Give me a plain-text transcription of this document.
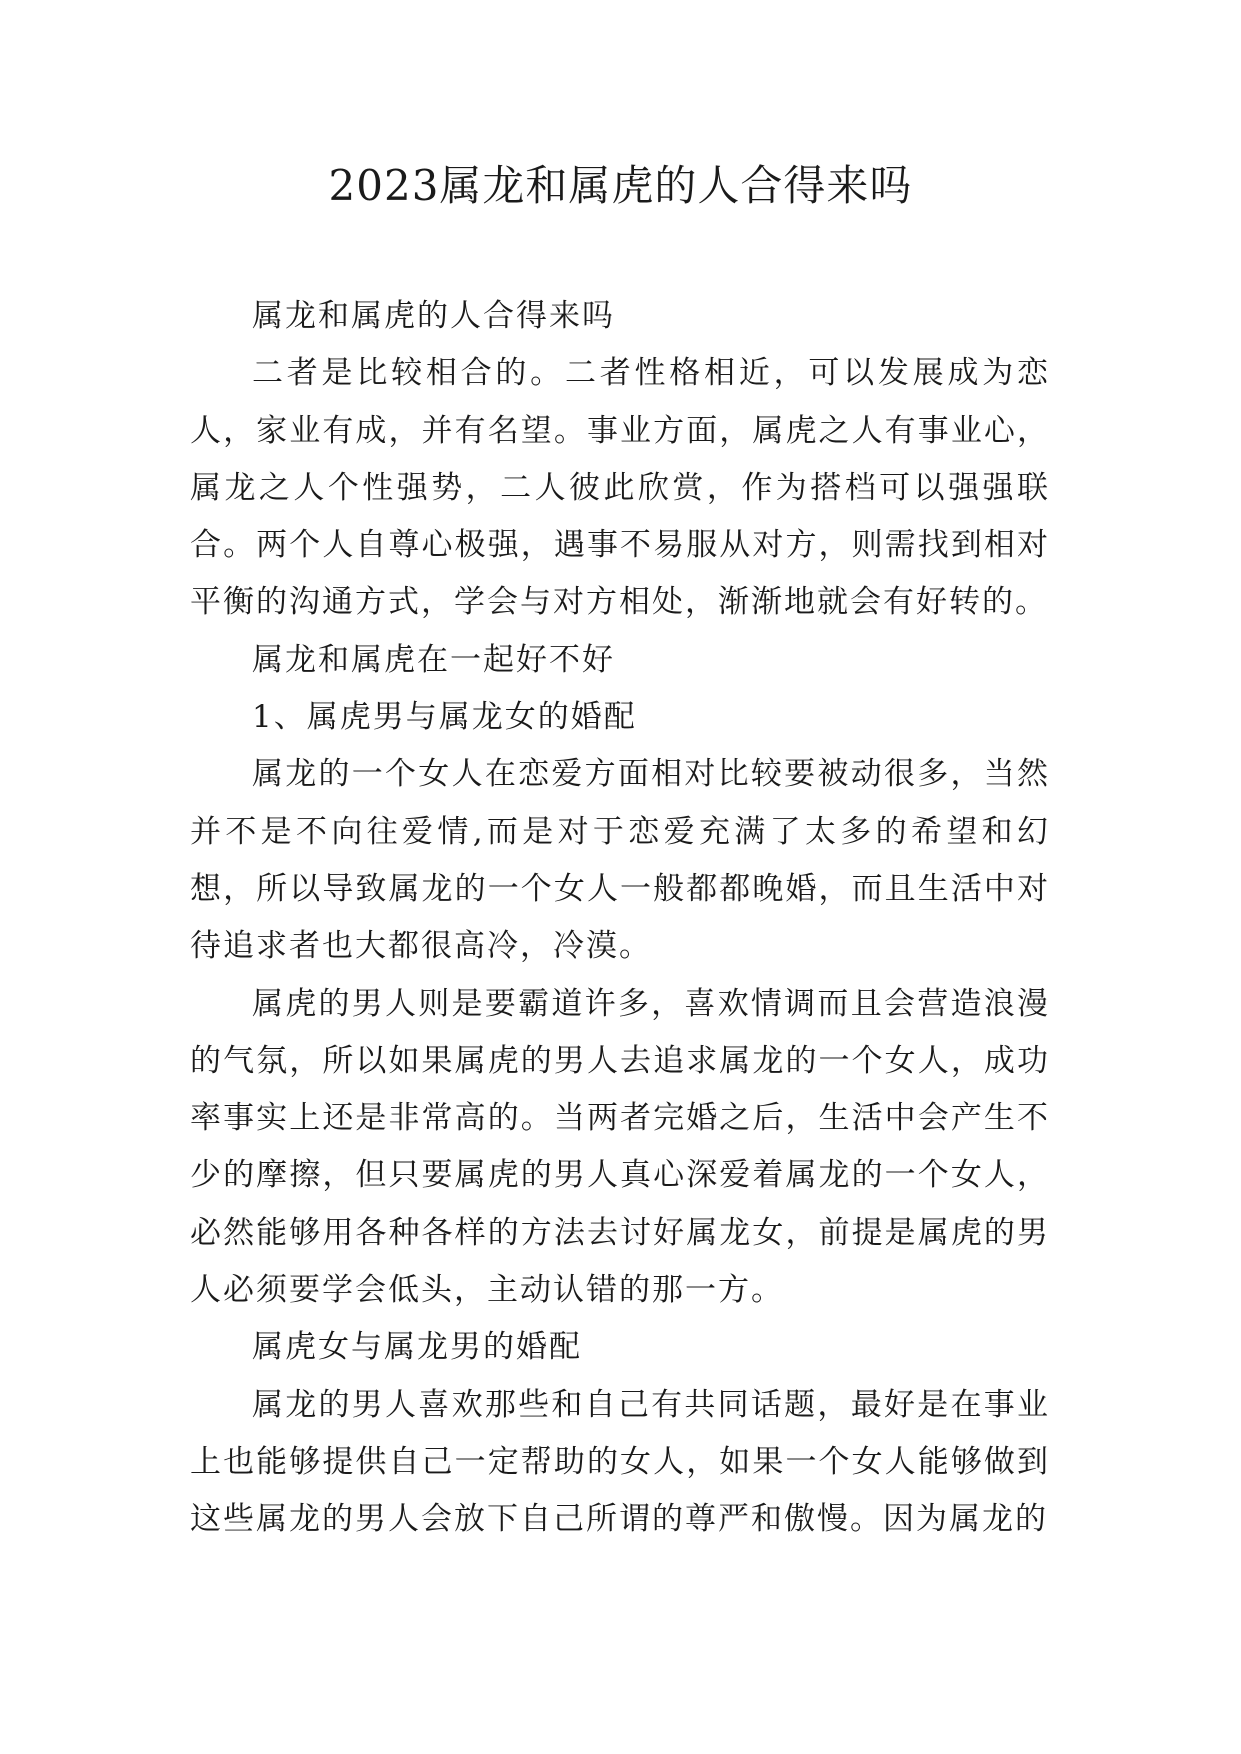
2023属龙和属虎的人合得来吗

属龙和属虎的人合得来吗

二者是比较相合的。二者性格相近，可以发展成为恋人，家业有成，并有名望。事业方面，属虎之人有事业心，属龙之人个性强势，二人彼此欣赏，作为搭档可以强强联合。两个人自尊心极强，遇事不易服从对方，则需找到相对平衡的沟通方式，学会与对方相处，渐渐地就会有好转的。

属龙和属虎在一起好不好

1、属虎男与属龙女的婚配

属龙的一个女人在恋爱方面相对比较要被动很多，当然并不是不向往爱情,而是对于恋爱充满了太多的希望和幻想，所以导致属龙的一个女人一般都都晚婚，而且生活中对待追求者也大都很高冷，冷漠。

属虎的男人则是要霸道许多，喜欢情调而且会营造浪漫的气氛，所以如果属虎的男人去追求属龙的一个女人，成功率事实上还是非常高的。当两者完婚之后，生活中会产生不少的摩擦，但只要属虎的男人真心深爱着属龙的一个女人，必然能够用各种各样的方法去讨好属龙女，前提是属虎的男人必须要学会低头，主动认错的那一方。

属虎女与属龙男的婚配

属龙的男人喜欢那些和自己有共同话题，最好是在事业上也能够提供自己一定帮助的女人，如果一个女人能够做到这些属龙的男人会放下自己所谓的尊严和傲慢。因为属龙的
